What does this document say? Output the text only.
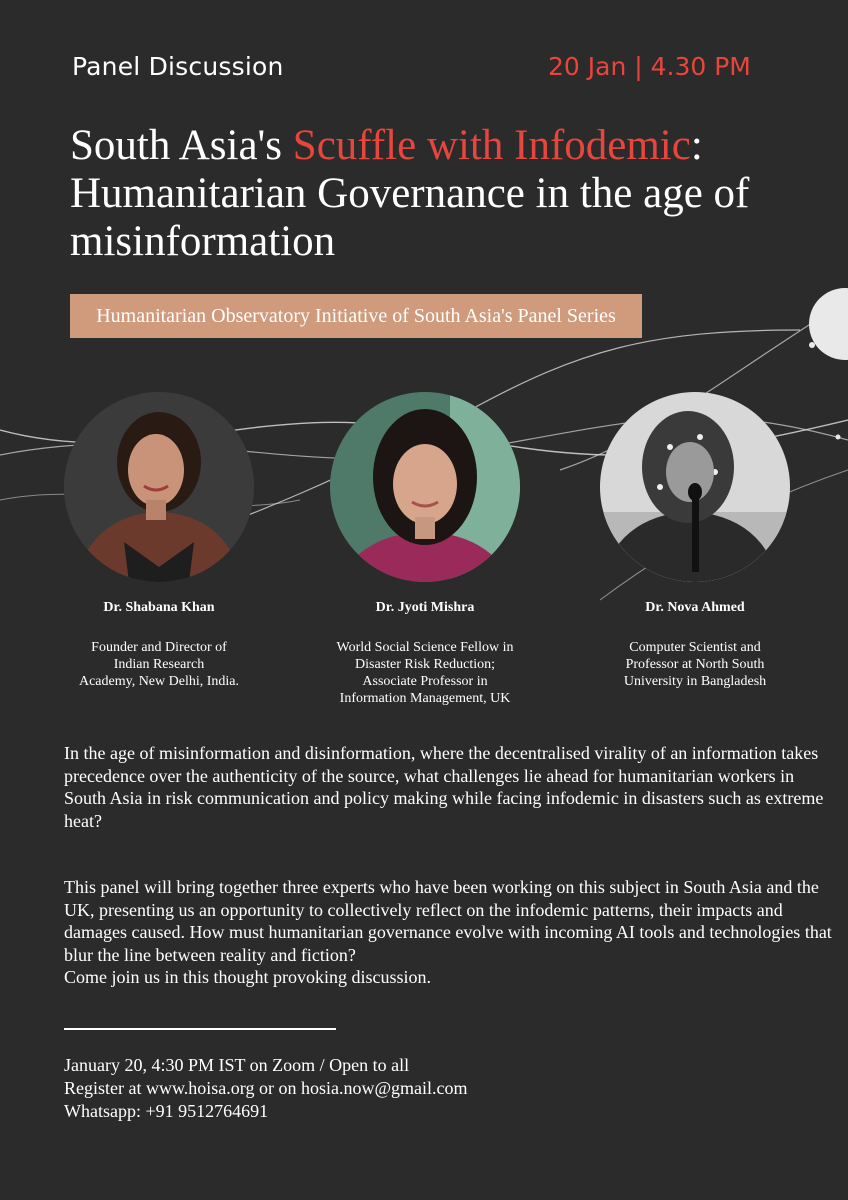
Panel Discussion	20 Jan | 4.30 PM
South Asia's Scuffle with Infodemic: Humanitarian Governance in the age of misinformation
Humanitarian Observatory Initiative of South Asia's Panel Series
Dr. Shabana Khan
Founder and Director of
Indian Research
Academy, New Delhi, India.
Dr. Jyoti Mishra
World Social Science Fellow in
Disaster Risk Reduction;
Associate Professor in
Information Management, UK
Dr. Nova Ahmed
Computer Scientist and
Professor at North South
University in Bangladesh

In the age of misinformation and disinformation, where the decentralised virality of an information takes precedence over the authenticity of the source, what challenges lie ahead for humanitarian workers in South Asia in risk communication and policy making while facing infodemic in disasters such as extreme heat?

This panel will bring together three experts who have been working on this subject in South Asia and the UK, presenting us an opportunity to collectively reflect on the infodemic patterns, their impacts and damages caused. How must humanitarian governance evolve with incoming AI tools and technologies that blur the line between reality and fiction?

Come join us in this thought provoking discussion.

January 20, 4:30 PM IST on Zoom / Open to all
Register at www.hoisa.org or on hosia.now@gmail.com
Whatsapp: +91 9512764691
